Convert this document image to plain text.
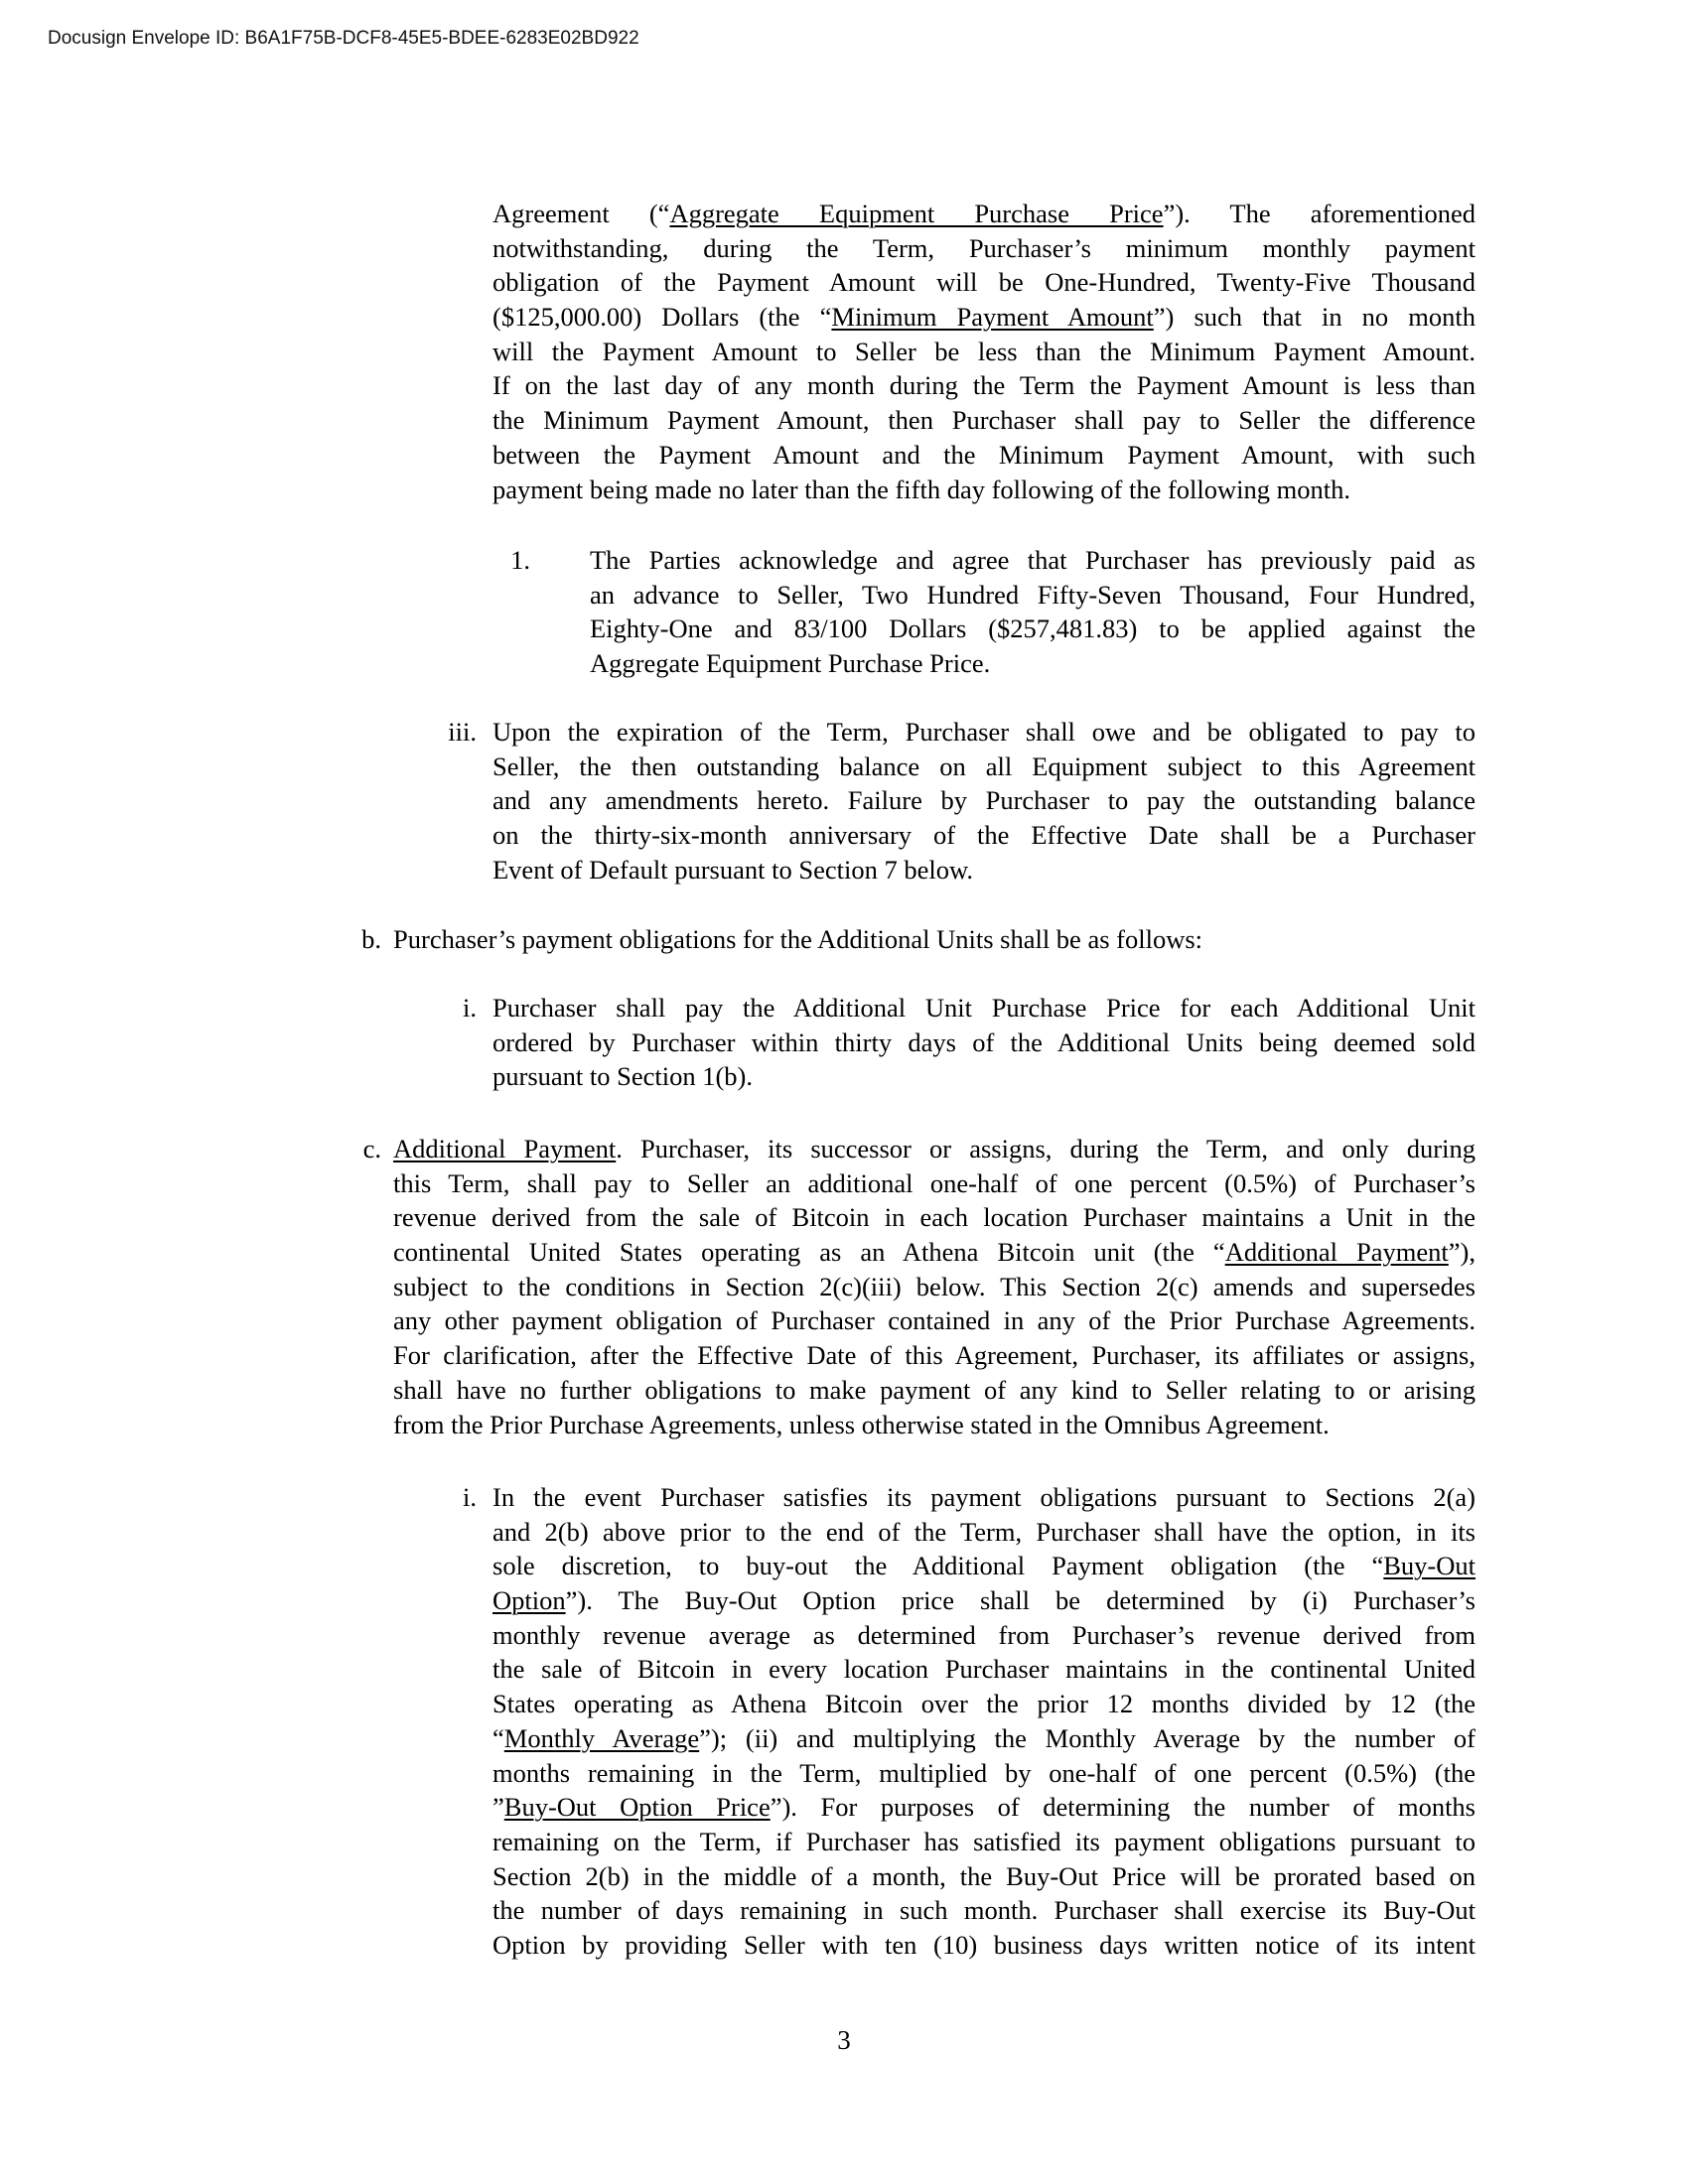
Docusign Envelope ID: B6A1F75B-DCF8-45E5-BDEE-6283E02BD922
Agreement (“Aggregate Equipment Purchase Price”). The aforementioned
notwithstanding, during the Term, Purchaser’s minimum monthly payment
obligation of the Payment Amount will be One-Hundred, Twenty-Five Thousand
($125,000.00) Dollars (the “Minimum Payment Amount”) such that in no month
will the Payment Amount to Seller be less than the Minimum Payment Amount.
If on the last day of any month during the Term the Payment Amount is less than
the Minimum Payment Amount, then Purchaser shall pay to Seller the difference
between the Payment Amount and the Minimum Payment Amount, with such
payment being made no later than the fifth day following of the following month.
1. The Parties acknowledge and agree that Purchaser has previously paid as
an advance to Seller, Two Hundred Fifty-Seven Thousand, Four Hundred,
Eighty-One and 83/100 Dollars ($257,481.83) to be applied against the
Aggregate Equipment Purchase Price.
iii. Upon the expiration of the Term, Purchaser shall owe and be obligated to pay to
Seller, the then outstanding balance on all Equipment subject to this Agreement
and any amendments hereto. Failure by Purchaser to pay the outstanding balance
on the thirty-six-month anniversary of the Effective Date shall be a Purchaser
Event of Default pursuant to Section 7 below.
b. Purchaser’s payment obligations for the Additional Units shall be as follows:
i. Purchaser shall pay the Additional Unit Purchase Price for each Additional Unit
ordered by Purchaser within thirty days of the Additional Units being deemed sold
pursuant to Section 1(b).
c. Additional Payment. Purchaser, its successor or assigns, during the Term, and only during
this Term, shall pay to Seller an additional one-half of one percent (0.5%) of Purchaser’s
revenue derived from the sale of Bitcoin in each location Purchaser maintains a Unit in the
continental United States operating as an Athena Bitcoin unit (the “Additional Payment”),
subject to the conditions in Section 2(c)(iii) below. This Section 2(c) amends and supersedes
any other payment obligation of Purchaser contained in any of the Prior Purchase Agreements.
For clarification, after the Effective Date of this Agreement, Purchaser, its affiliates or assigns,
shall have no further obligations to make payment of any kind to Seller relating to or arising
from the Prior Purchase Agreements, unless otherwise stated in the Omnibus Agreement.
i. In the event Purchaser satisfies its payment obligations pursuant to Sections 2(a)
and 2(b) above prior to the end of the Term, Purchaser shall have the option, in its
sole discretion, to buy-out the Additional Payment obligation (the “Buy-Out
Option”). The Buy-Out Option price shall be determined by (i) Purchaser’s
monthly revenue average as determined from Purchaser’s revenue derived from
the sale of Bitcoin in every location Purchaser maintains in the continental United
States operating as Athena Bitcoin over the prior 12 months divided by 12 (the
“Monthly Average”); (ii) and multiplying the Monthly Average by the number of
months remaining in the Term, multiplied by one-half of one percent (0.5%) (the
”Buy-Out Option Price”). For purposes of determining the number of months
remaining on the Term, if Purchaser has satisfied its payment obligations pursuant to
Section 2(b) in the middle of a month, the Buy-Out Price will be prorated based on
the number of days remaining in such month. Purchaser shall exercise its Buy-Out
Option by providing Seller with ten (10) business days written notice of its intent
3
